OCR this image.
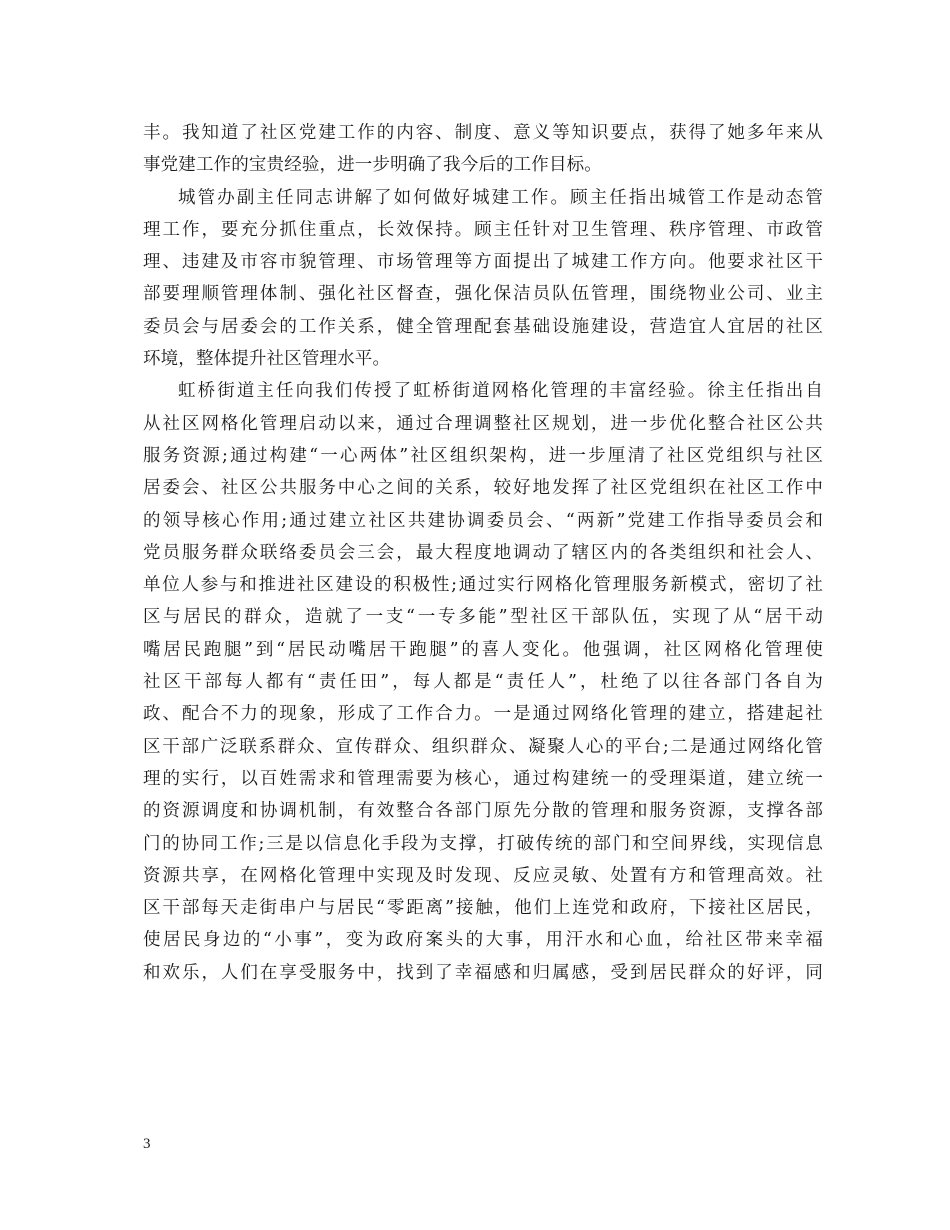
丰。我知道了社区党建工作的内容、制度、意义等知识要点，获得了她多年来从
事党建工作的宝贵经验，进一步明确了我今后的工作目标。
城管办副主任同志讲解了如何做好城建工作。顾主任指出城管工作是动态管
理工作，要充分抓住重点，长效保持。顾主任针对卫生管理、秩序管理、市政管
理、违建及市容市貌管理、市场管理等方面提出了城建工作方向。他要求社区干
部要理顺管理体制、强化社区督查，强化保洁员队伍管理，围绕物业公司、业主
委员会与居委会的工作关系，健全管理配套基础设施建设，营造宜人宜居的社区
环境，整体提升社区管理水平。
虹桥街道主任向我们传授了虹桥街道网格化管理的丰富经验。徐主任指出自
从社区网格化管理启动以来，通过合理调整社区规划，进一步优化整合社区公共
服务资源;通过构建“一心两体”社区组织架构，进一步厘清了社区党组织与社区
居委会、社区公共服务中心之间的关系，较好地发挥了社区党组织在社区工作中
的领导核心作用;通过建立社区共建协调委员会、“两新”党建工作指导委员会和
党员服务群众联络委员会三会，最大程度地调动了辖区内的各类组织和社会人、
单位人参与和推进社区建设的积极性;通过实行网格化管理服务新模式，密切了社
区与居民的群众，造就了一支“一专多能”型社区干部队伍，实现了从“居干动
嘴居民跑腿”到“居民动嘴居干跑腿”的喜人变化。他强调，社区网格化管理使
社区干部每人都有“责任田”，每人都是“责任人”，杜绝了以往各部门各自为
政、配合不力的现象，形成了工作合力。一是通过网络化管理的建立，搭建起社
区干部广泛联系群众、宣传群众、组织群众、凝聚人心的平台;二是通过网络化管
理的实行，以百姓需求和管理需要为核心，通过构建统一的受理渠道，建立统一
的资源调度和协调机制，有效整合各部门原先分散的管理和服务资源，支撑各部
门的协同工作;三是以信息化手段为支撑，打破传统的部门和空间界线，实现信息
资源共享，在网格化管理中实现及时发现、反应灵敏、处置有方和管理高效。社
区干部每天走街串户与居民“零距离”接触，他们上连党和政府，下接社区居民，
使居民身边的“小事”，变为政府案头的大事，用汗水和心血，给社区带来幸福
和欢乐，人们在享受服务中，找到了幸福感和归属感，受到居民群众的好评，同
3
